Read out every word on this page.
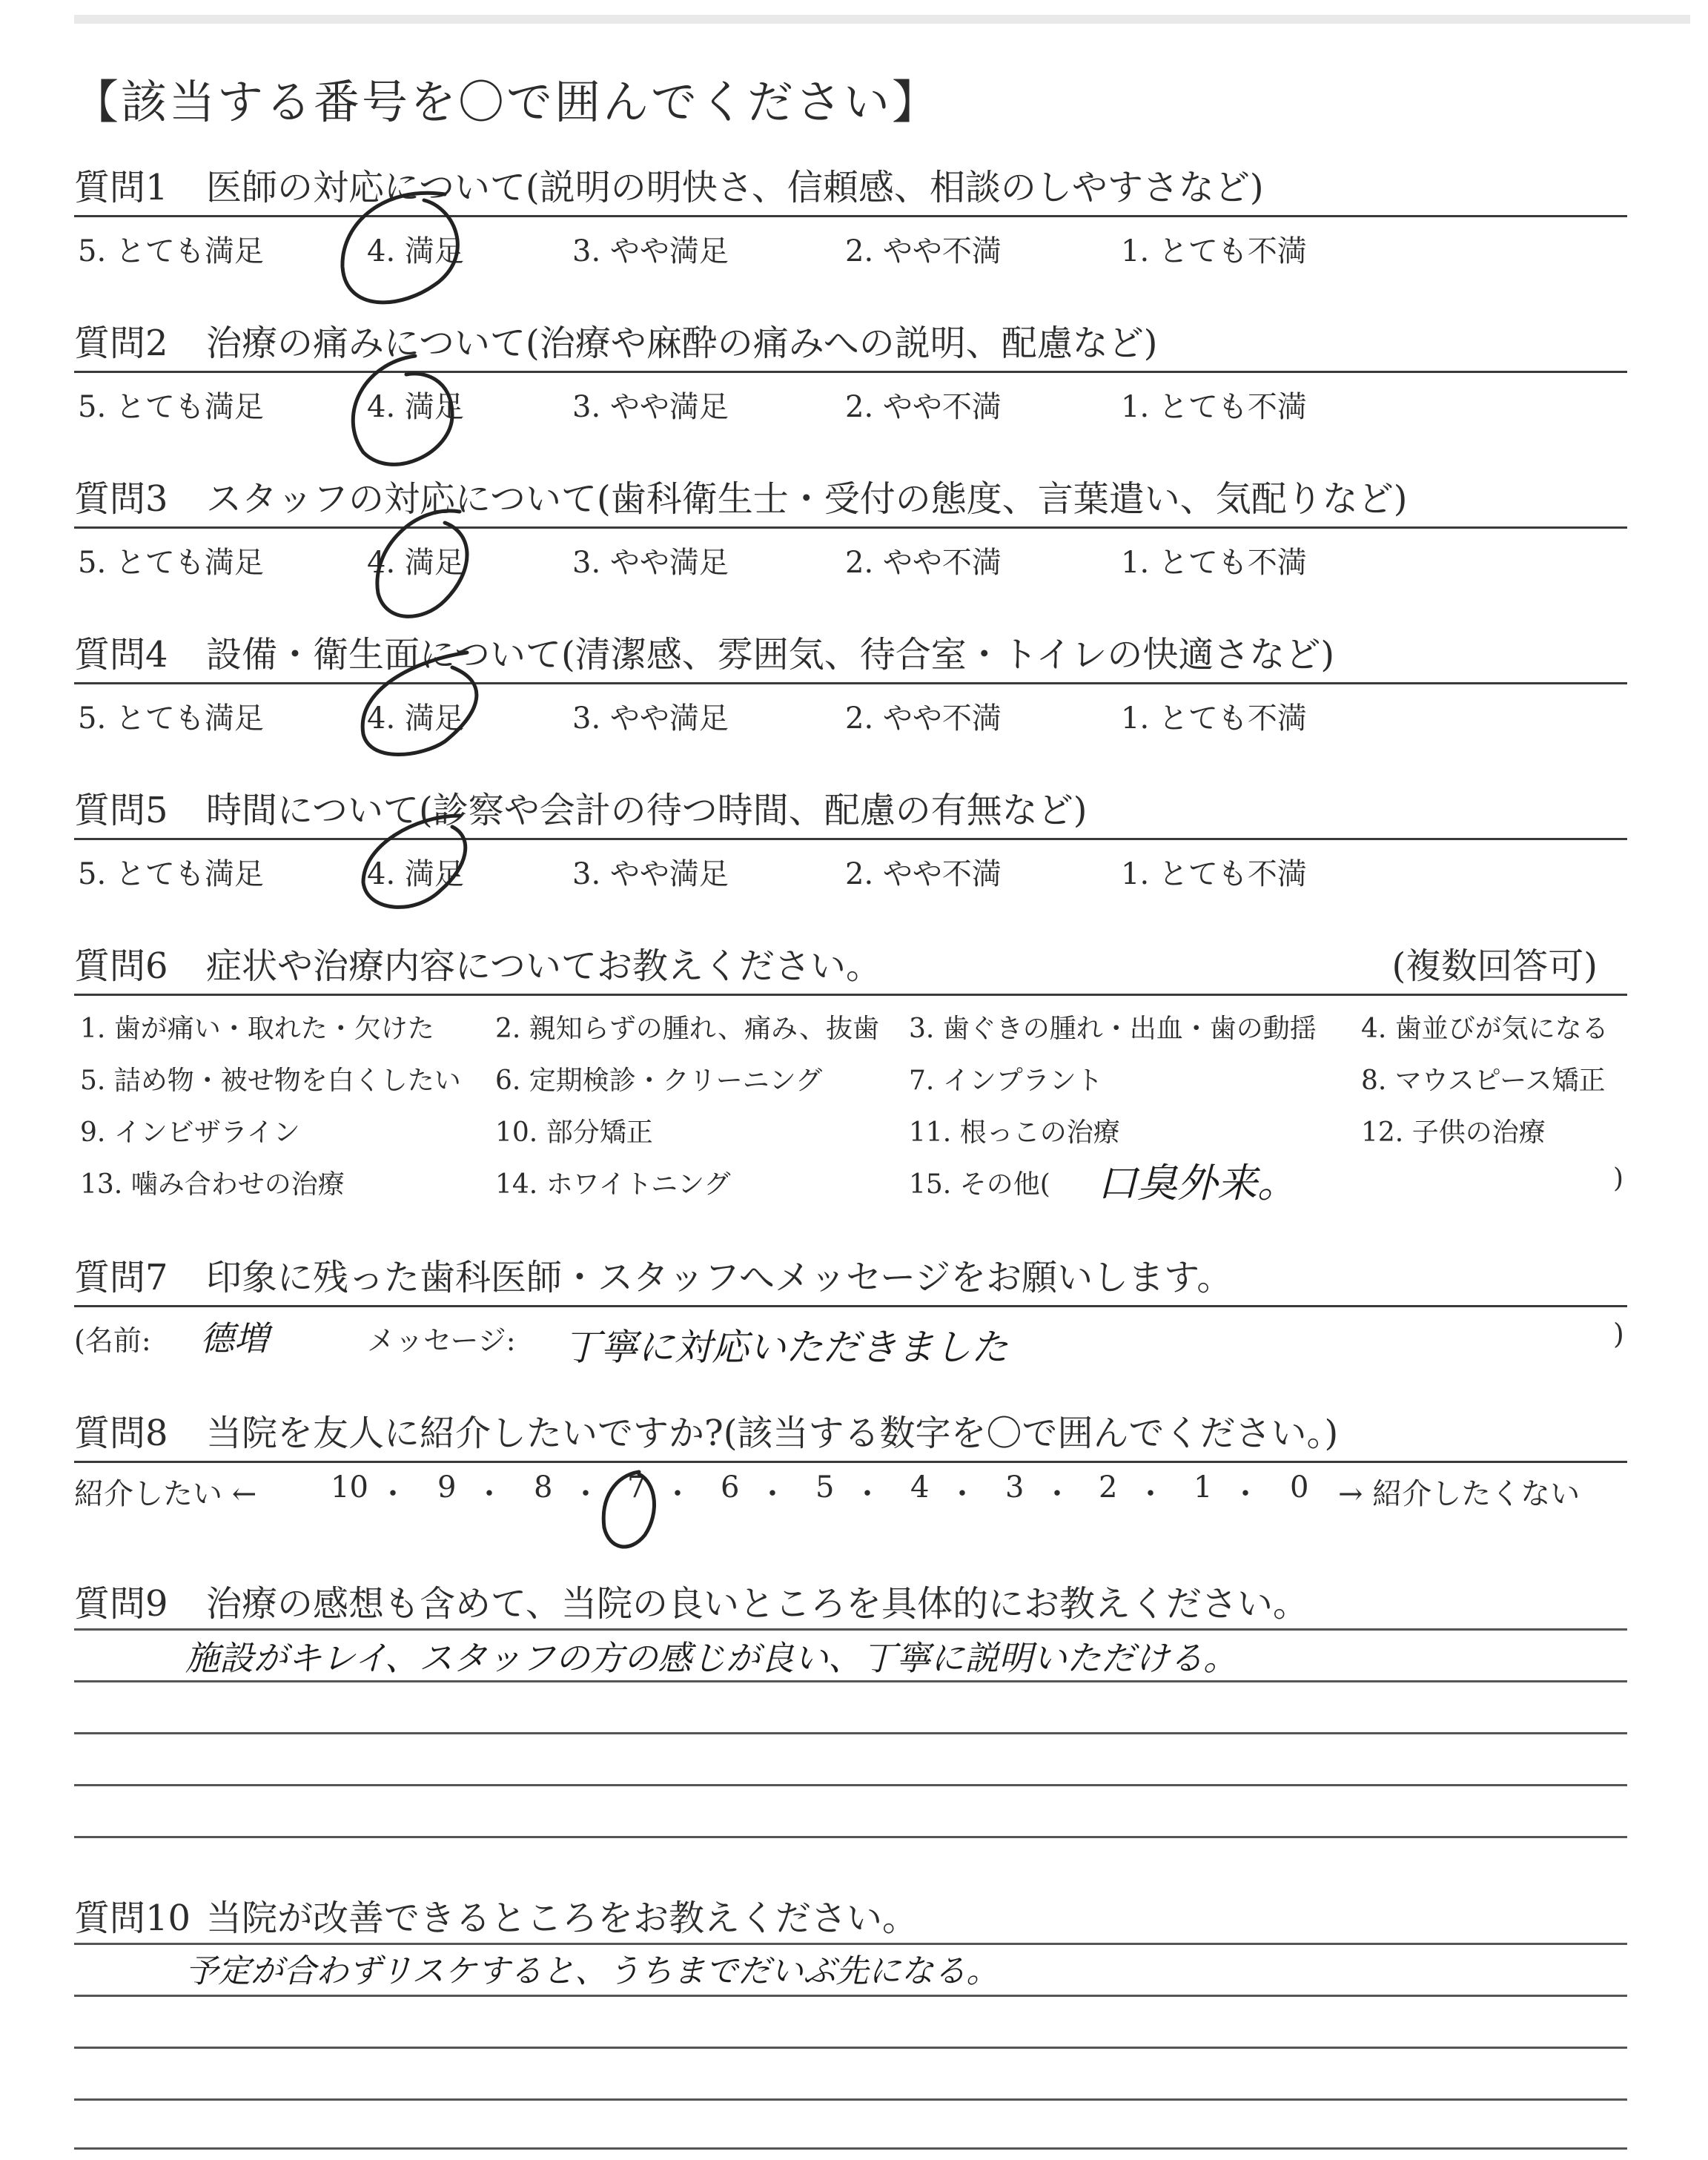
【該当する番号を〇で囲んでください】
質問1 医師の対応について(説明の明快さ、信頼感、相談のしやすさなど)
5. とても満足	4. 満足	3. やや満足	2. やや不満	1. とても不満
質問2 治療の痛みについて(治療や麻酔の痛みへの説明、配慮など)
5. とても満足	4. 満足	3. やや満足	2. やや不満	1. とても不満
質問3 スタッフの対応について(歯科衛生士・受付の態度、言葉遣い、気配りなど)
5. とても満足	4. 満足	3. やや満足	2. やや不満	1. とても不満
質問4 設備・衛生面について(清潔感、雰囲気、待合室・トイレの快適さなど)
5. とても満足	4. 満足	3. やや満足	2. やや不満	1. とても不満
質問5 時間について(診察や会計の待つ時間、配慮の有無など)
5. とても満足	4. 満足	3. やや満足	2. やや不満	1. とても不満
質問6 症状や治療内容についてお教えください。	(複数回答可)
1. 歯が痛い・取れた・欠けた 2. 親知らずの腫れ、痛み、抜歯 3. 歯ぐきの腫れ・出血・歯の動揺 4. 歯並びが気になる
5. 詰め物・被せ物を白くしたい 6. 定期検診・クリーニング	7. インプラント	8. マウスピース矯正
9. インビザライン	10. 部分矯正	11. 根っこの治療	12. 子供の治療
13. 噛み合わせの治療	14. ホワイトニング	15. その他( 口臭外来。	)
質問7 印象に残った歯科医師・スタッフへメッセージをお願いします。
(名前: 德増	メッセージ: 丁寧に対応いただきました	)
質問8 当院を友人に紹介したいですか?(該当する数字を〇で囲んでください。)
紹介したい ← 10 ・ 9 ・ 8 ・ 7 ・ 6 ・ 5 ・ 4 ・ 3 ・ 2 ・ 1 ・ 0 → 紹介したくない
質問9 治療の感想も含めて、当院の良いところを具体的にお教えください。
施設がキレイ、スタッフの方の感じが良い、丁寧に説明いただける。
質問10 当院が改善できるところをお教えください。
予定が合わずリスケすると、うちまでだいぶ先になる。
